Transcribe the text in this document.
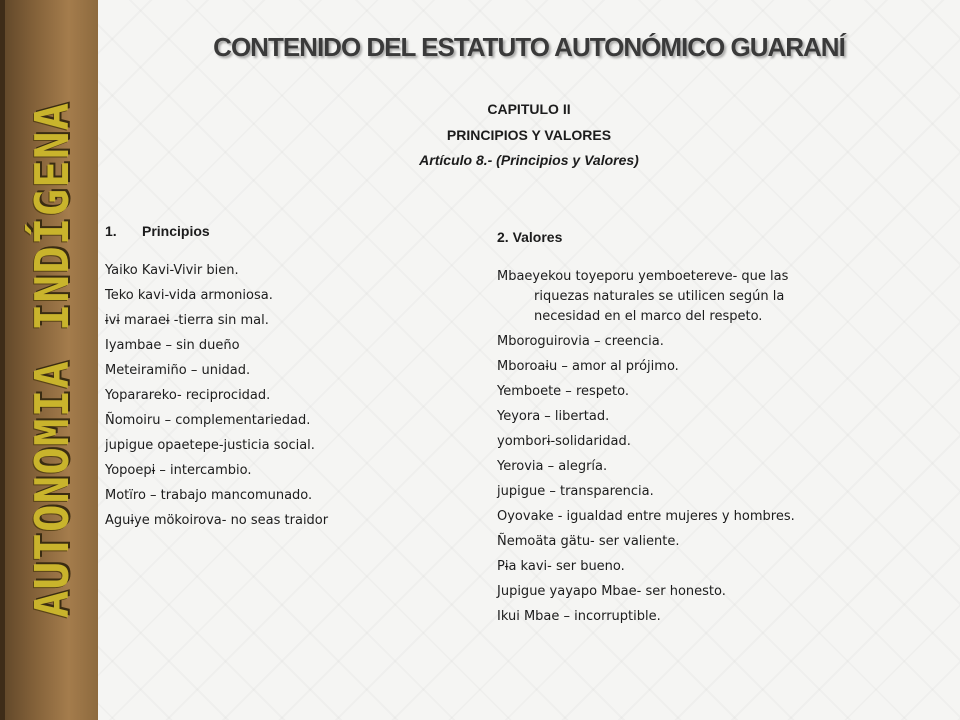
AUTONOMIA INDÍGENA
CONTENIDO DEL ESTATUTO AUTONÓMICO GUARANÍ
CAPITULO II
PRINCIPIOS Y VALORES
Artículo 8.- (Principios y Valores)
1. Principios
Yaiko Kavi-Vivir bien.
Teko kavi-vida armoniosa.
ɨvɨ maraeɨ -tierra sin mal.
Iyambae – sin dueño
Meteiramiño – unidad.
Yoparareko- reciprocidad.
Ñomoiru – complementariedad.
jupigue opaetepe-justicia social.
Yopoepɨ – intercambio.
Motïro – trabajo mancomunado.
Aguɨye mökoirova- no seas traidor
2. Valores
Mbaeyekou toyeporu yemboetereve- que las riquezas naturales se utilicen según la necesidad en el marco del respeto.
Mboroguirovia – creencia.
Mboroaɨu – amor al prójimo.
Yemboete – respeto.
Yeyora – libertad.
yomborɨ-solidaridad.
Yerovia – alegría.
jupigue – transparencia.
Oyovake - igualdad entre mujeres y hombres.
Ñemoäta gätu- ser valiente.
Pɨa kavi- ser bueno.
Jupigue yayapo Mbae- ser honesto.
Ikui Mbae – incorruptible.
